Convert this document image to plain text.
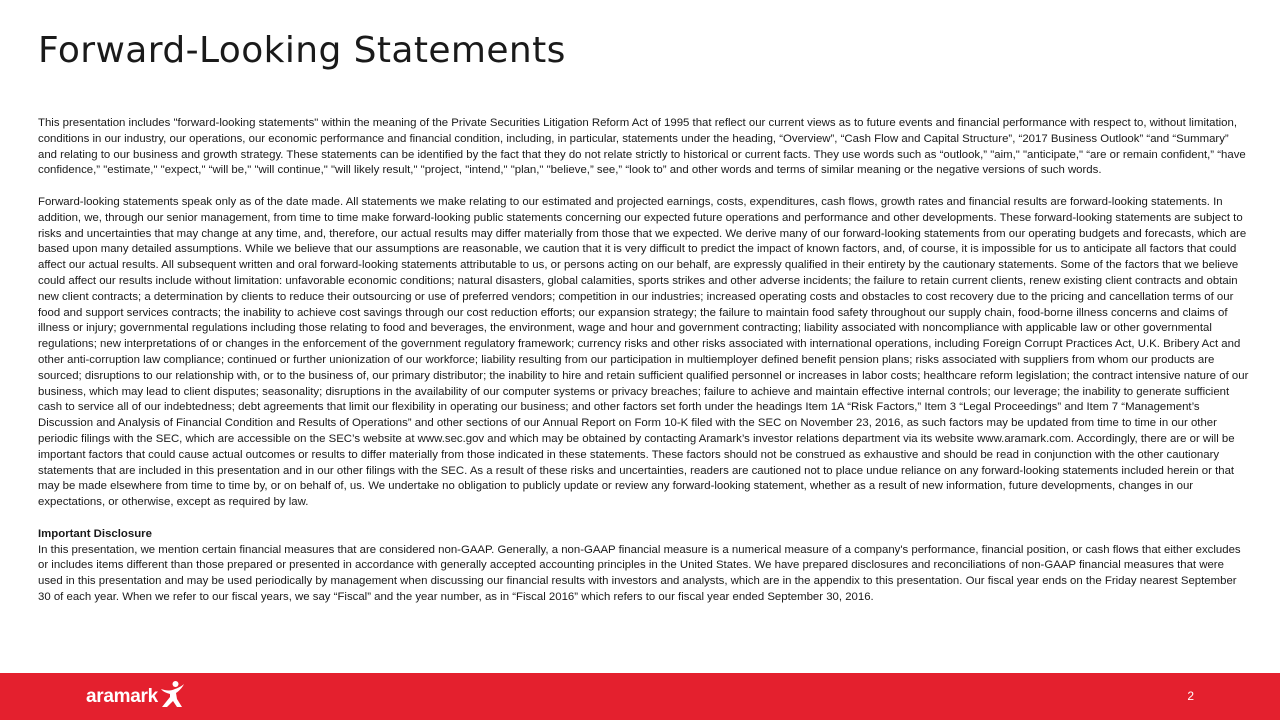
Forward-Looking Statements

This presentation includes "forward-looking statements" within the meaning of the Private Securities Litigation Reform Act of 1995 that reflect our current views as to future events and financial performance with respect to, without limitation, conditions in our industry, our operations, our economic performance and financial condition, including, in particular, statements under the heading, “Overview”, “Cash Flow and Capital Structure”, “2017 Business Outlook” “and “Summary” and relating to our business and growth strategy. These statements can be identified by the fact that they do not relate strictly to historical or current facts. They use words such as “outlook,” "aim," "anticipate," “are or remain confident,” “have confidence,” "estimate," "expect," “will be," "will continue," "will likely result," "project, "intend," "plan," "believe,” see,” “look to” and other words and terms of similar meaning or the negative versions of such words.

Forward-looking statements speak only as of the date made. All statements we make relating to our estimated and projected earnings, costs, expenditures, cash flows, growth rates and financial results are forward-looking statements. In addition, we, through our senior management, from time to time make forward-looking public statements concerning our expected future operations and performance and other developments. These forward-looking statements are subject to risks and uncertainties that may change at any time, and, therefore, our actual results may differ materially from those that we expected. We derive many of our forward-looking statements from our operating budgets and forecasts, which are based upon many detailed assumptions. While we believe that our assumptions are reasonable, we caution that it is very difficult to predict the impact of known factors, and, of course, it is impossible for us to anticipate all factors that could affect our actual results. All subsequent written and oral forward-looking statements attributable to us, or persons acting on our behalf, are expressly qualified in their entirety by the cautionary statements. Some of the factors that we believe could affect our results include without limitation: unfavorable economic conditions; natural disasters, global calamities, sports strikes and other adverse incidents; the failure to retain current clients, renew existing client contracts and obtain new client contracts; a determination by clients to reduce their outsourcing or use of preferred vendors; competition in our industries; increased operating costs and obstacles to cost recovery due to the pricing and cancellation terms of our food and support services contracts; the inability to achieve cost savings through our cost reduction efforts; our expansion strategy; the failure to maintain food safety throughout our supply chain, food-borne illness concerns and claims of illness or injury; governmental regulations including those relating to food and beverages, the environment, wage and hour and government contracting; liability associated with noncompliance with applicable law or other governmental regulations; new interpretations of or changes in the enforcement of the government regulatory framework; currency risks and other risks associated with international operations, including Foreign Corrupt Practices Act, U.K. Bribery Act and other anti-corruption law compliance; continued or further unionization of our workforce; liability resulting from our participation in multiemployer defined benefit pension plans; risks associated with suppliers from whom our products are sourced; disruptions to our relationship with, or to the business of, our primary distributor; the inability to hire and retain sufficient qualified personnel or increases in labor costs; healthcare reform legislation; the contract intensive nature of our business, which may lead to client disputes; seasonality; disruptions in the availability of our computer systems or privacy breaches; failure to achieve and maintain effective internal controls; our leverage; the inability to generate sufficient cash to service all of our indebtedness; debt agreements that limit our flexibility in operating our business; and other factors set forth under the headings Item 1A “Risk Factors,” Item 3 “Legal Proceedings” and Item 7 “Management’s Discussion and Analysis of Financial Condition and Results of Operations” and other sections of our Annual Report on Form 10-K filed with the SEC on November 23, 2016, as such factors may be updated from time to time in our other periodic filings with the SEC, which are accessible on the SEC’s website at www.sec.gov and which may be obtained by contacting Aramark’s investor relations department via its website www.aramark.com. Accordingly, there are or will be important factors that could cause actual outcomes or results to differ materially from those indicated in these statements. These factors should not be construed as exhaustive and should be read in conjunction with the other cautionary statements that are included in this presentation and in our other filings with the SEC. As a result of these risks and uncertainties, readers are cautioned not to place undue reliance on any forward-looking statements included herein or that may be made elsewhere from time to time by, or on behalf of, us. We undertake no obligation to publicly update or review any forward-looking statement, whether as a result of new information, future developments, changes in our expectations, or otherwise, except as required by law.

Important Disclosure

In this presentation, we mention certain financial measures that are considered non-GAAP. Generally, a non-GAAP financial measure is a numerical measure of a company's performance, financial position, or cash flows that either excludes or includes items different than those prepared or presented in accordance with generally accepted accounting principles in the United States. We have prepared disclosures and reconciliations of non-GAAP financial measures that were used in this presentation and may be used periodically by management when discussing our financial results with investors and analysts, which are in the appendix to this presentation. Our fiscal year ends on the Friday nearest September 30 of each year. When we refer to our fiscal years, we say “Fiscal” and the year number, as in “Fiscal 2016” which refers to our fiscal year ended September 30, 2016.

aramark	2
